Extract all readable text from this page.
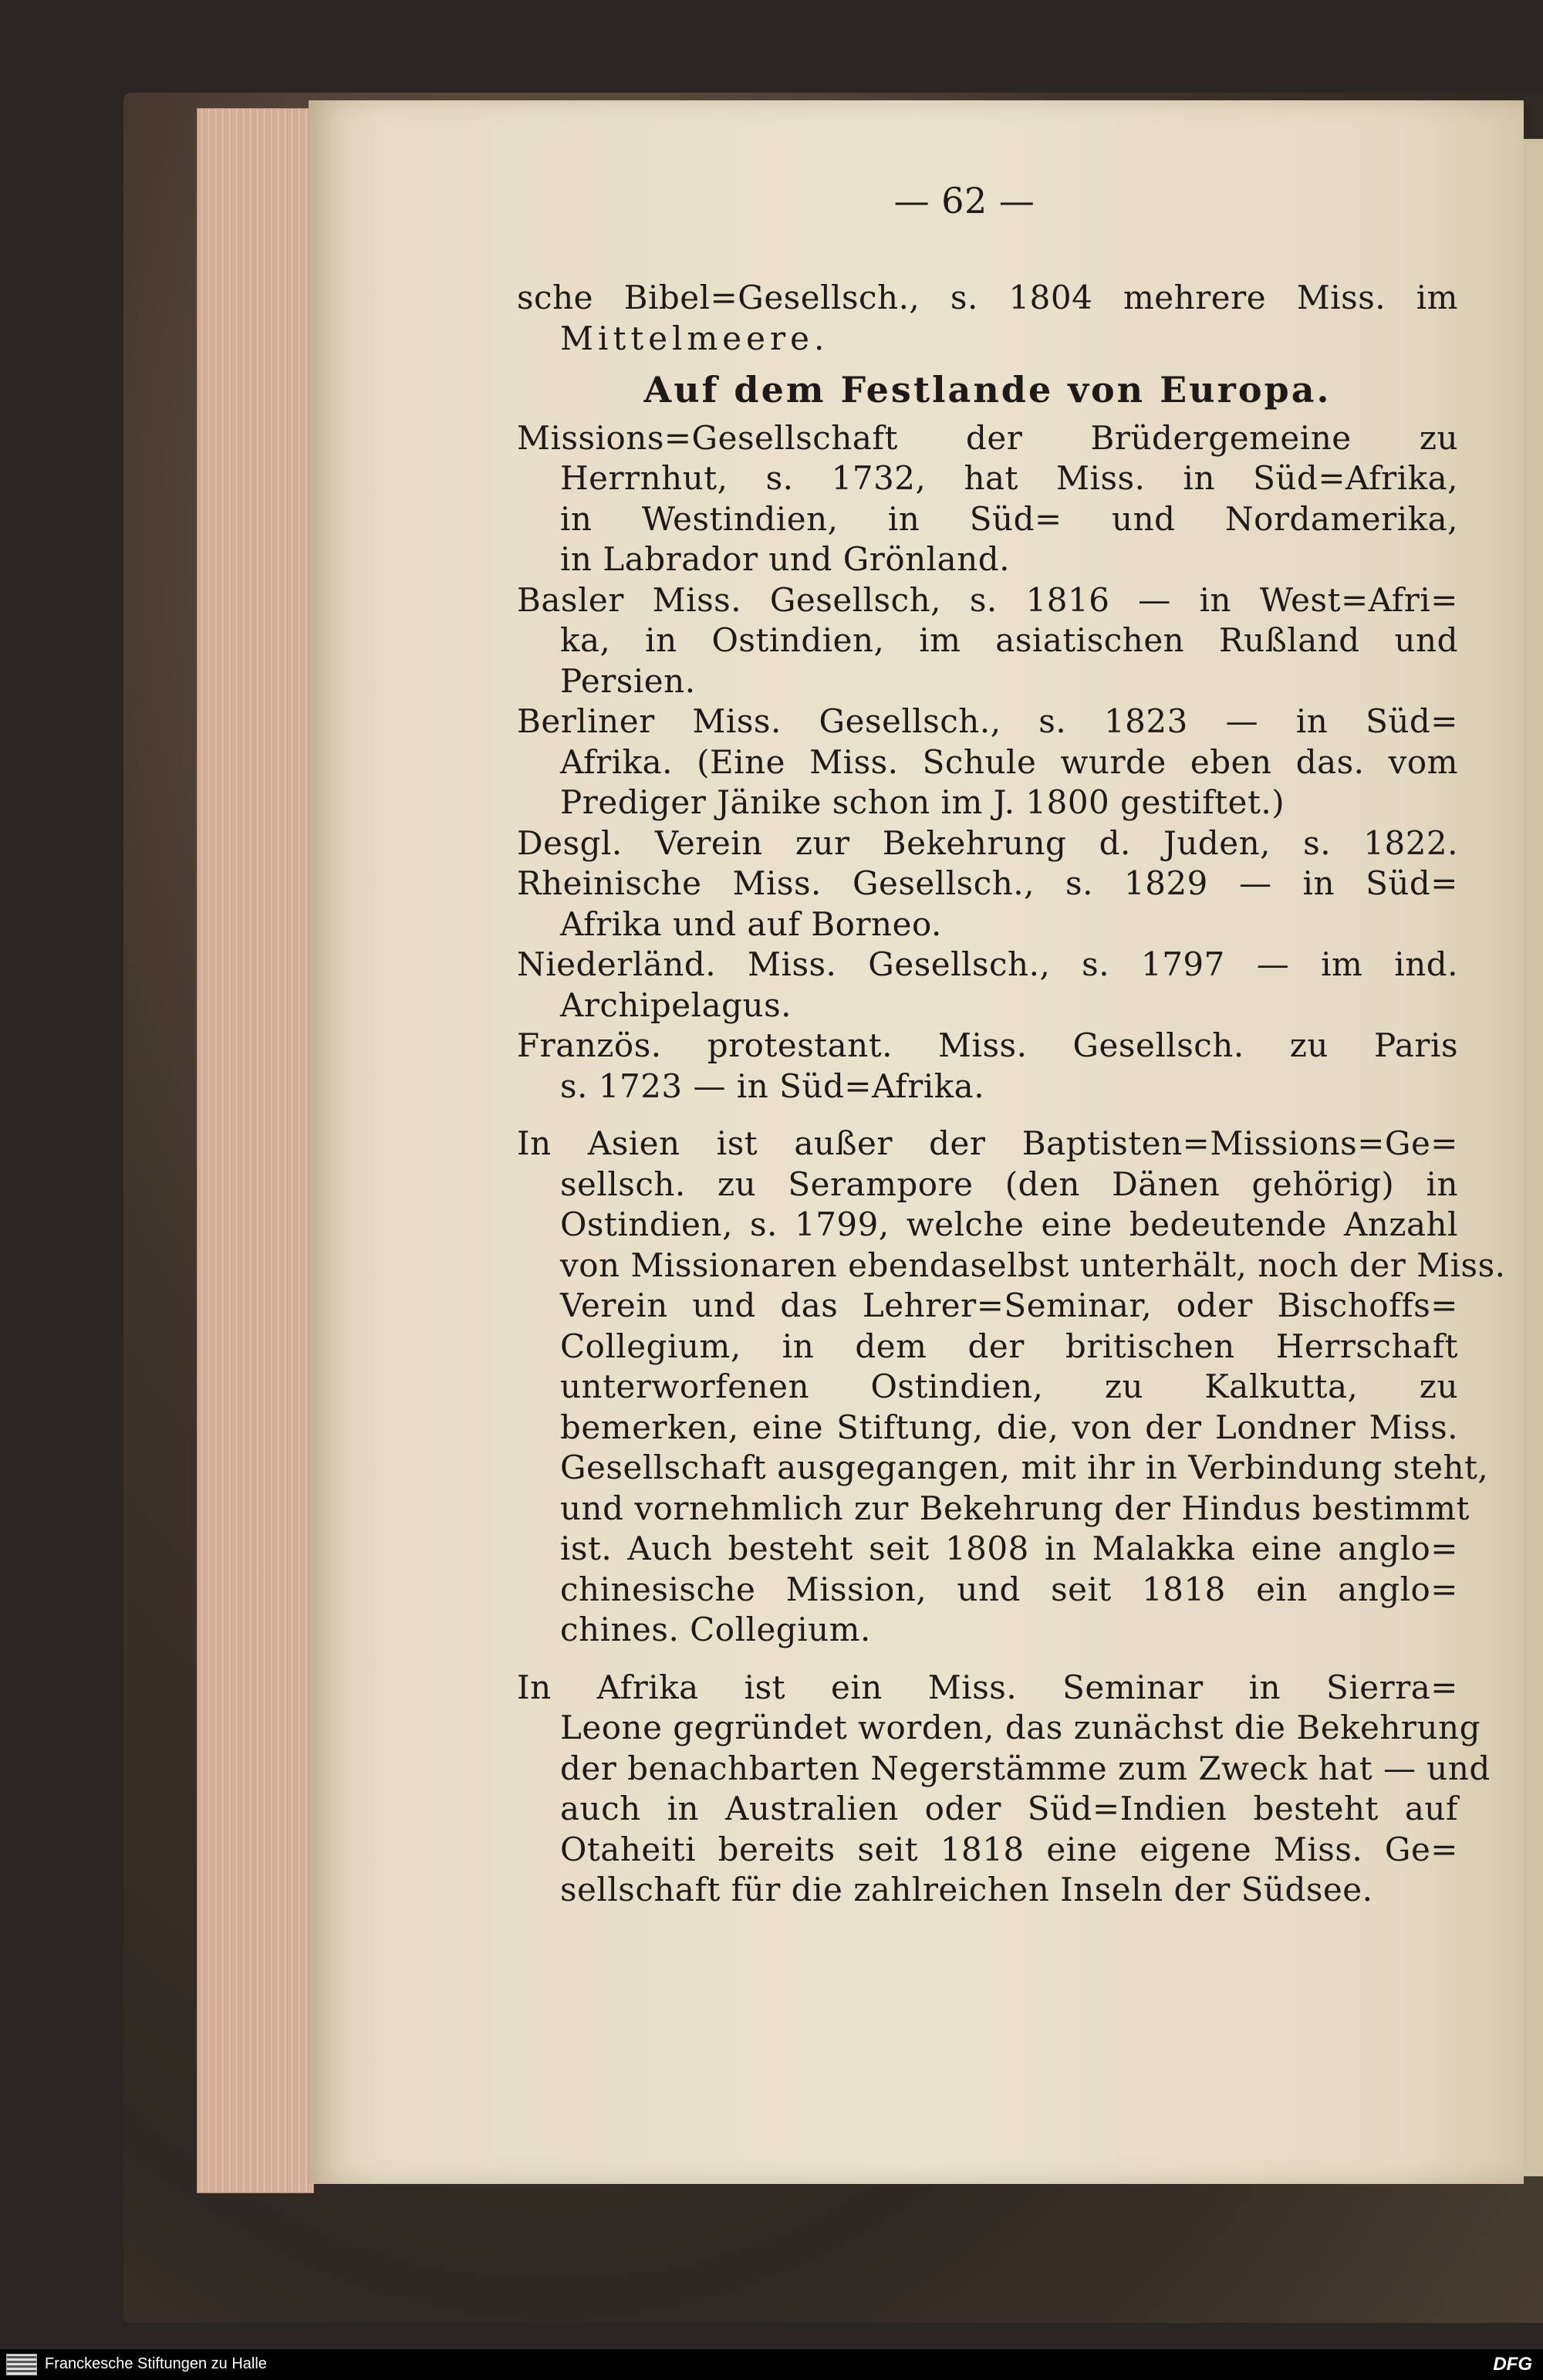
— 62 —
sche Bibel=Gesellsch., s. 1804 mehrere Miss. im
Mittelmeere.
Auf dem Festlande von Europa.
Missions=Gesellschaft der Brüdergemeine zu
Herrnhut, s. 1732, hat Miss. in Süd=Afrika,
in Westindien, in Süd= und Nordamerika,
in Labrador und Grönland.
Basler Miss. Gesellsch, s. 1816 — in West=Afri=
ka, in Ostindien, im asiatischen Rußland und
Persien.
Berliner Miss. Gesellsch., s. 1823 — in Süd=
Afrika. (Eine Miss. Schule wurde eben das. vom
Prediger Jänike schon im J. 1800 gestiftet.)
Desgl. Verein zur Bekehrung d. Juden, s. 1822.
Rheinische Miss. Gesellsch., s. 1829 — in Süd=
Afrika und auf Borneo.
Niederländ. Miss. Gesellsch., s. 1797 — im ind.
Archipelagus.
Französ. protestant. Miss. Gesellsch. zu Paris
s. 1723 — in Süd=Afrika.
In Asien ist außer der Baptisten=Missions=Ge=
sellsch. zu Serampore (den Dänen gehörig) in
Ostindien, s. 1799, welche eine bedeutende Anzahl
von Missionaren ebendaselbst unterhält, noch der Miss.
Verein und das Lehrer=Seminar, oder Bischoffs=
Collegium, in dem der britischen Herrschaft
unterworfenen Ostindien, zu Kalkutta, zu
bemerken, eine Stiftung, die, von der Londner Miss.
Gesellschaft ausgegangen, mit ihr in Verbindung steht,
und vornehmlich zur Bekehrung der Hindus bestimmt
ist. Auch besteht seit 1808 in Malakka eine anglo=
chinesische Mission, und seit 1818 ein anglo=
chines. Collegium.
In Afrika ist ein Miss. Seminar in Sierra=
Leone gegründet worden, das zunächst die Bekehrung
der benachbarten Negerstämme zum Zweck hat — und
auch in Australien oder Süd=Indien besteht auf
Otaheiti bereits seit 1818 eine eigene Miss. Ge=
sellschaft für die zahlreichen Inseln der Südsee.
Franckesche Stiftungen zu Halle	DFG
